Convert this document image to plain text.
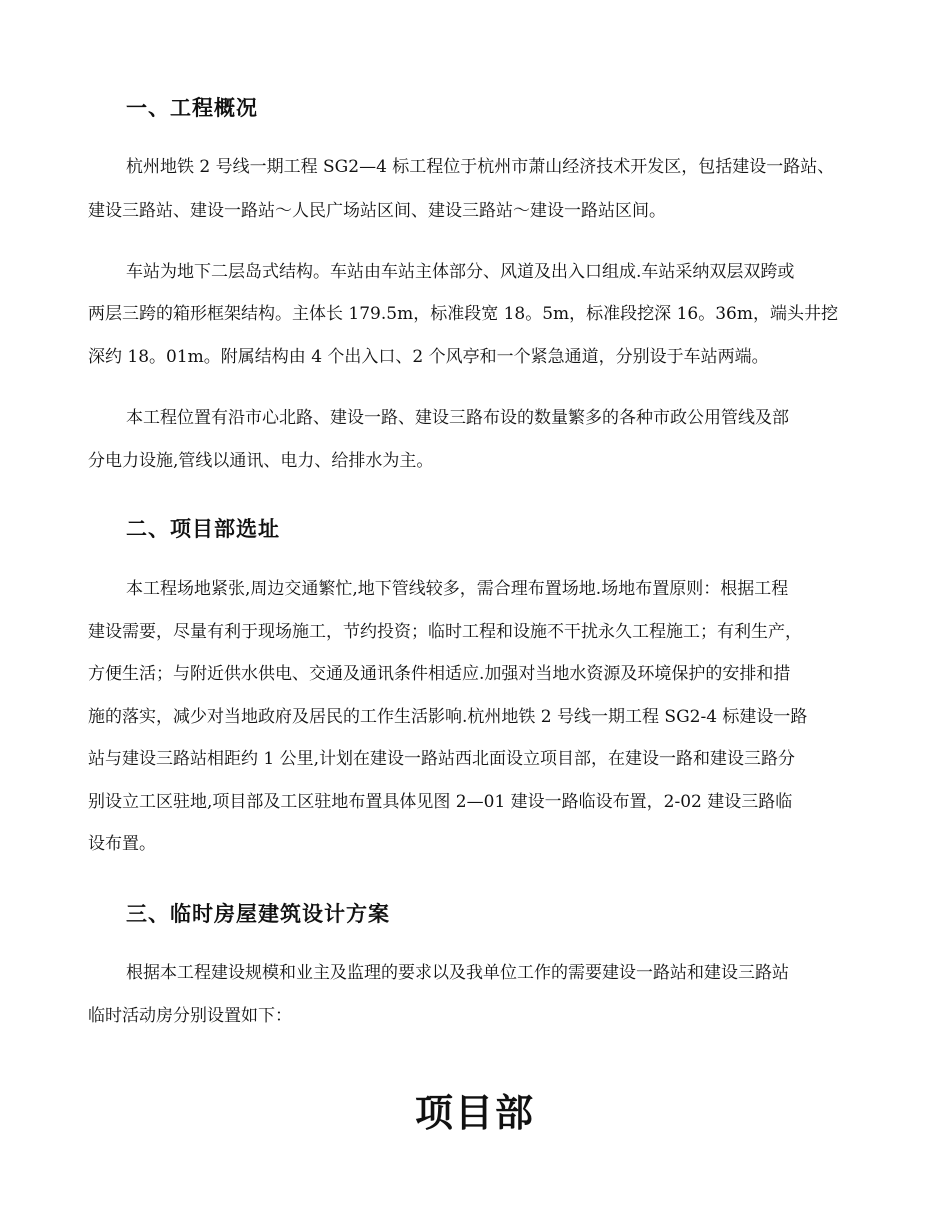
一、工程概况
杭州地铁 2 号线一期工程 SG2—4 标工程位于杭州市萧山经济技术开发区，包括建设一路站、
建设三路站、建设一路站～人民广场站区间、建设三路站～建设一路站区间。
车站为地下二层岛式结构。车站由车站主体部分、风道及出入口组成.车站采纳双层双跨或
两层三跨的箱形框架结构。主体长 179.5m，标准段宽 18。5m，标准段挖深 16。36m，端头井挖
深约 18。01m。附属结构由 4 个出入口、2 个风亭和一个紧急通道，分别设于车站两端。
本工程位置有沿市心北路、建设一路、建设三路布设的数量繁多的各种市政公用管线及部
分电力设施,管线以通讯、电力、给排水为主。
二、项目部选址
本工程场地紧张,周边交通繁忙,地下管线较多，需合理布置场地.场地布置原则：根据工程
建设需要，尽量有利于现场施工，节约投资；临时工程和设施不干扰永久工程施工；有利生产，
方便生活；与附近供水供电、交通及通讯条件相适应.加强对当地水资源及环境保护的安排和措
施的落实，减少对当地政府及居民的工作生活影响.杭州地铁 2 号线一期工程 SG2-4 标建设一路
站与建设三路站相距约 1 公里,计划在建设一路站西北面设立项目部，在建设一路和建设三路分
别设立工区驻地,项目部及工区驻地布置具体见图 2—01 建设一路临设布置，2-02 建设三路临
设布置。
三、临时房屋建筑设计方案
根据本工程建设规模和业主及监理的要求以及我单位工作的需要建设一路站和建设三路站
临时活动房分别设置如下：
项目部
